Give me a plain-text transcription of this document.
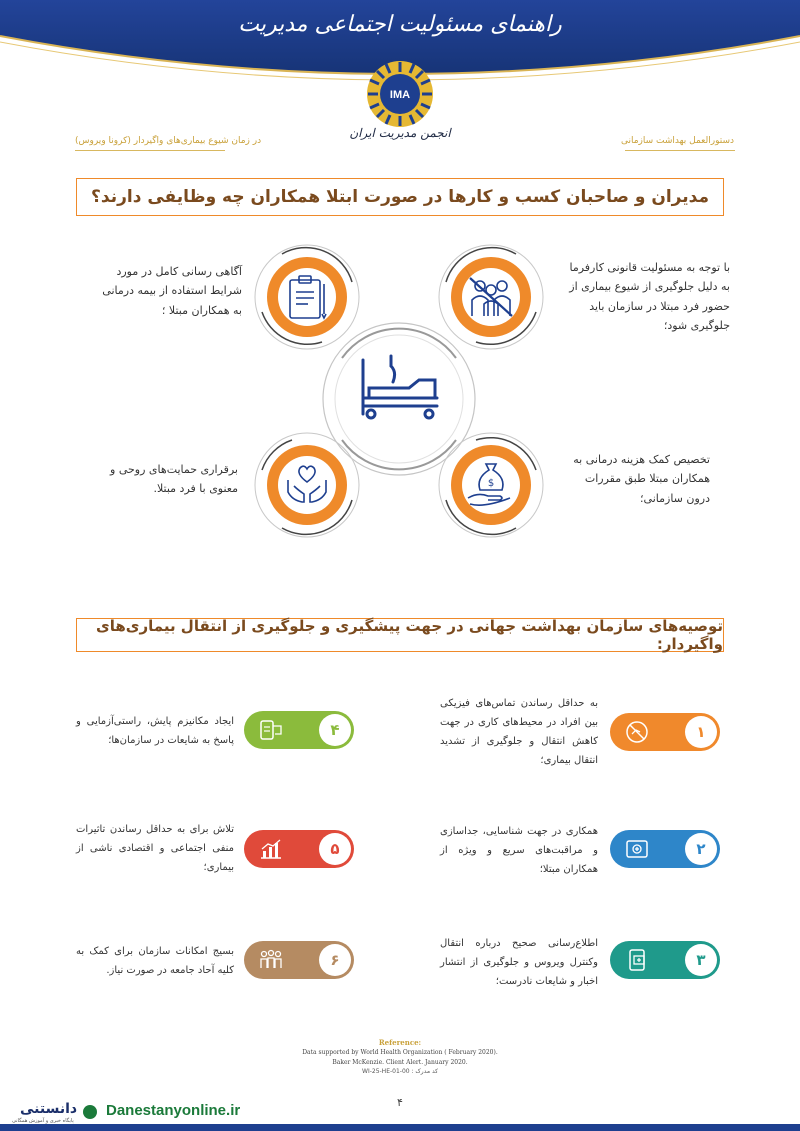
راهنمای مسئولیت اجتماعی مدیریت
IMA
انجمن مدیریت ایران
در زمان شیوع بیماری‌های واگیردار (کرونا ویروس)	دستورالعمل بهداشت سازمانی
مدیران و صاحبان کسب و کار‌ها در صورت ابتلا همکاران چه وظایفی دارند؟
با توجه به مسئولیت قانونی کارفرما به دلیل جلوگیری از شیوع بیماری از حضور فرد مبتلا در سازمان باید جلوگیری شود؛
آگاهی رسانی کامل در مورد شرایط استفاده از بیمه درمانی به همکاران مبتلا ؛
$
تخصیص کمک هزینه درمانی به همکاران مبتلا طبق مقررات درون سازمانی؛
برقراری حمایت‌های روحی و معنوی با فرد مبتلا.
توصیه‌های سازمان بهداشت جهانی در جهت پیشگیری و جلوگیری از انتقال بیماری‌های واگیردار:
۱
به حداقل رساندن تماس‌های فیزیکی بین افراد در محیط‌های کاری در جهت کاهش انتقال و جلوگیری از تشدید انتقال بیماری؛
۲
همکاری در جهت شناسایی، جداسازی و مراقبت‌های سریع و ویژه از همکاران مبتلا؛
۳
اطلاع‌رسانی صحیح درباره انتقال وکنترل ویروس و جلوگیری از انتشار اخبار و شایعات نادرست؛
۴
ایجاد مکانیزم پایش، راستی‌آزمایی و پاسخ به شایعات در سازمان‌ها؛
۵
تلاش برای به حداقل رساندن تاثیرات منفی اجتماعی و اقتصادی ناشی از بیماری؛
۶
بسیج امکانات سازمان برای کمک به کلیه آحاد جامعه در صورت نیاز.
Reference:
Data supported by World Health Organization ( February 2020).
Baker McKenzie. Client Alert. January 2020.
WI-25-HE-01-00 : کد مدرک
۴
دانستنی
پایگاه خبری و آموزش همگانی
Danestanyonline.ir
